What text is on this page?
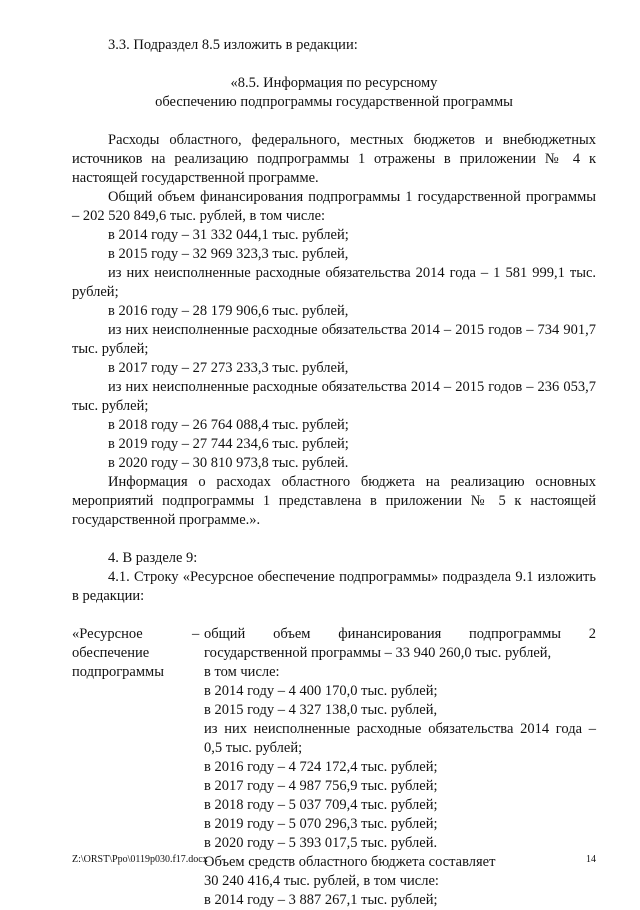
3.3. Подраздел 8.5 изложить в редакции:

«8.5. Информация по ресурсному

обеспечению подпрограммы государственной программы

Расходы областного, федерального, местных бюджетов и внебюджетных источников на реализацию подпрограммы 1 отражены в приложении № 4 к настоящей государственной программе.

Общий объем финансирования подпрограммы 1 государственной программы – 202 520 849,6 тыс. рублей, в том числе:

в 2014 году – 31 332 044,1 тыс. рублей;

в 2015 году – 32 969 323,3 тыс. рублей,

из них неисполненные расходные обязательства 2014 года – 1 581 999,1 тыс. рублей;

в 2016 году – 28 179 906,6 тыс. рублей,

из них неисполненные расходные обязательства 2014 – 2015 годов – 734 901,7 тыс. рублей;

в 2017 году – 27 273 233,3 тыс. рублей,

из них неисполненные расходные обязательства 2014 – 2015 годов – 236 053,7 тыс. рублей;

в 2018 году – 26 764 088,4 тыс. рублей;

в 2019 году – 27 744 234,6 тыс. рублей;

в 2020 году – 30 810 973,8 тыс. рублей.

Информация о расходах областного бюджета на реализацию основных мероприятий подпрограммы 1 представлена в приложении № 5 к настоящей государственной программе.».

4. В разделе 9:

4.1. Строку «Ресурсное обеспечение подпрограммы» подраздела 9.1 изложить в редакции:

«Ресурсное
обеспечение
подпрограммы
– общий объем финансирования подпрограммы 2 государственной программы – 33 940 260,0 тыс. рублей,

в том числе:

в 2014 году – 4 400 170,0 тыс. рублей;

в 2015 году – 4 327 138,0 тыс. рублей,

из них неисполненные расходные обязательства 2014 года – 0,5 тыс. рублей;

в 2016 году – 4 724 172,4 тыс. рублей;

в 2017 году – 4 987 756,9 тыс. рублей;

в 2018 году – 5 037 709,4 тыс. рублей;

в 2019 году – 5 070 296,3 тыс. рублей;

в 2020 году – 5 393 017,5 тыс. рублей.

Объем средств областного бюджета составляет

30 240 416,4 тыс. рублей, в том числе:

в 2014 году – 3 887 267,1 тыс. рублей;

Z:\ORST\Ppo\0119p030.f17.docx	14
